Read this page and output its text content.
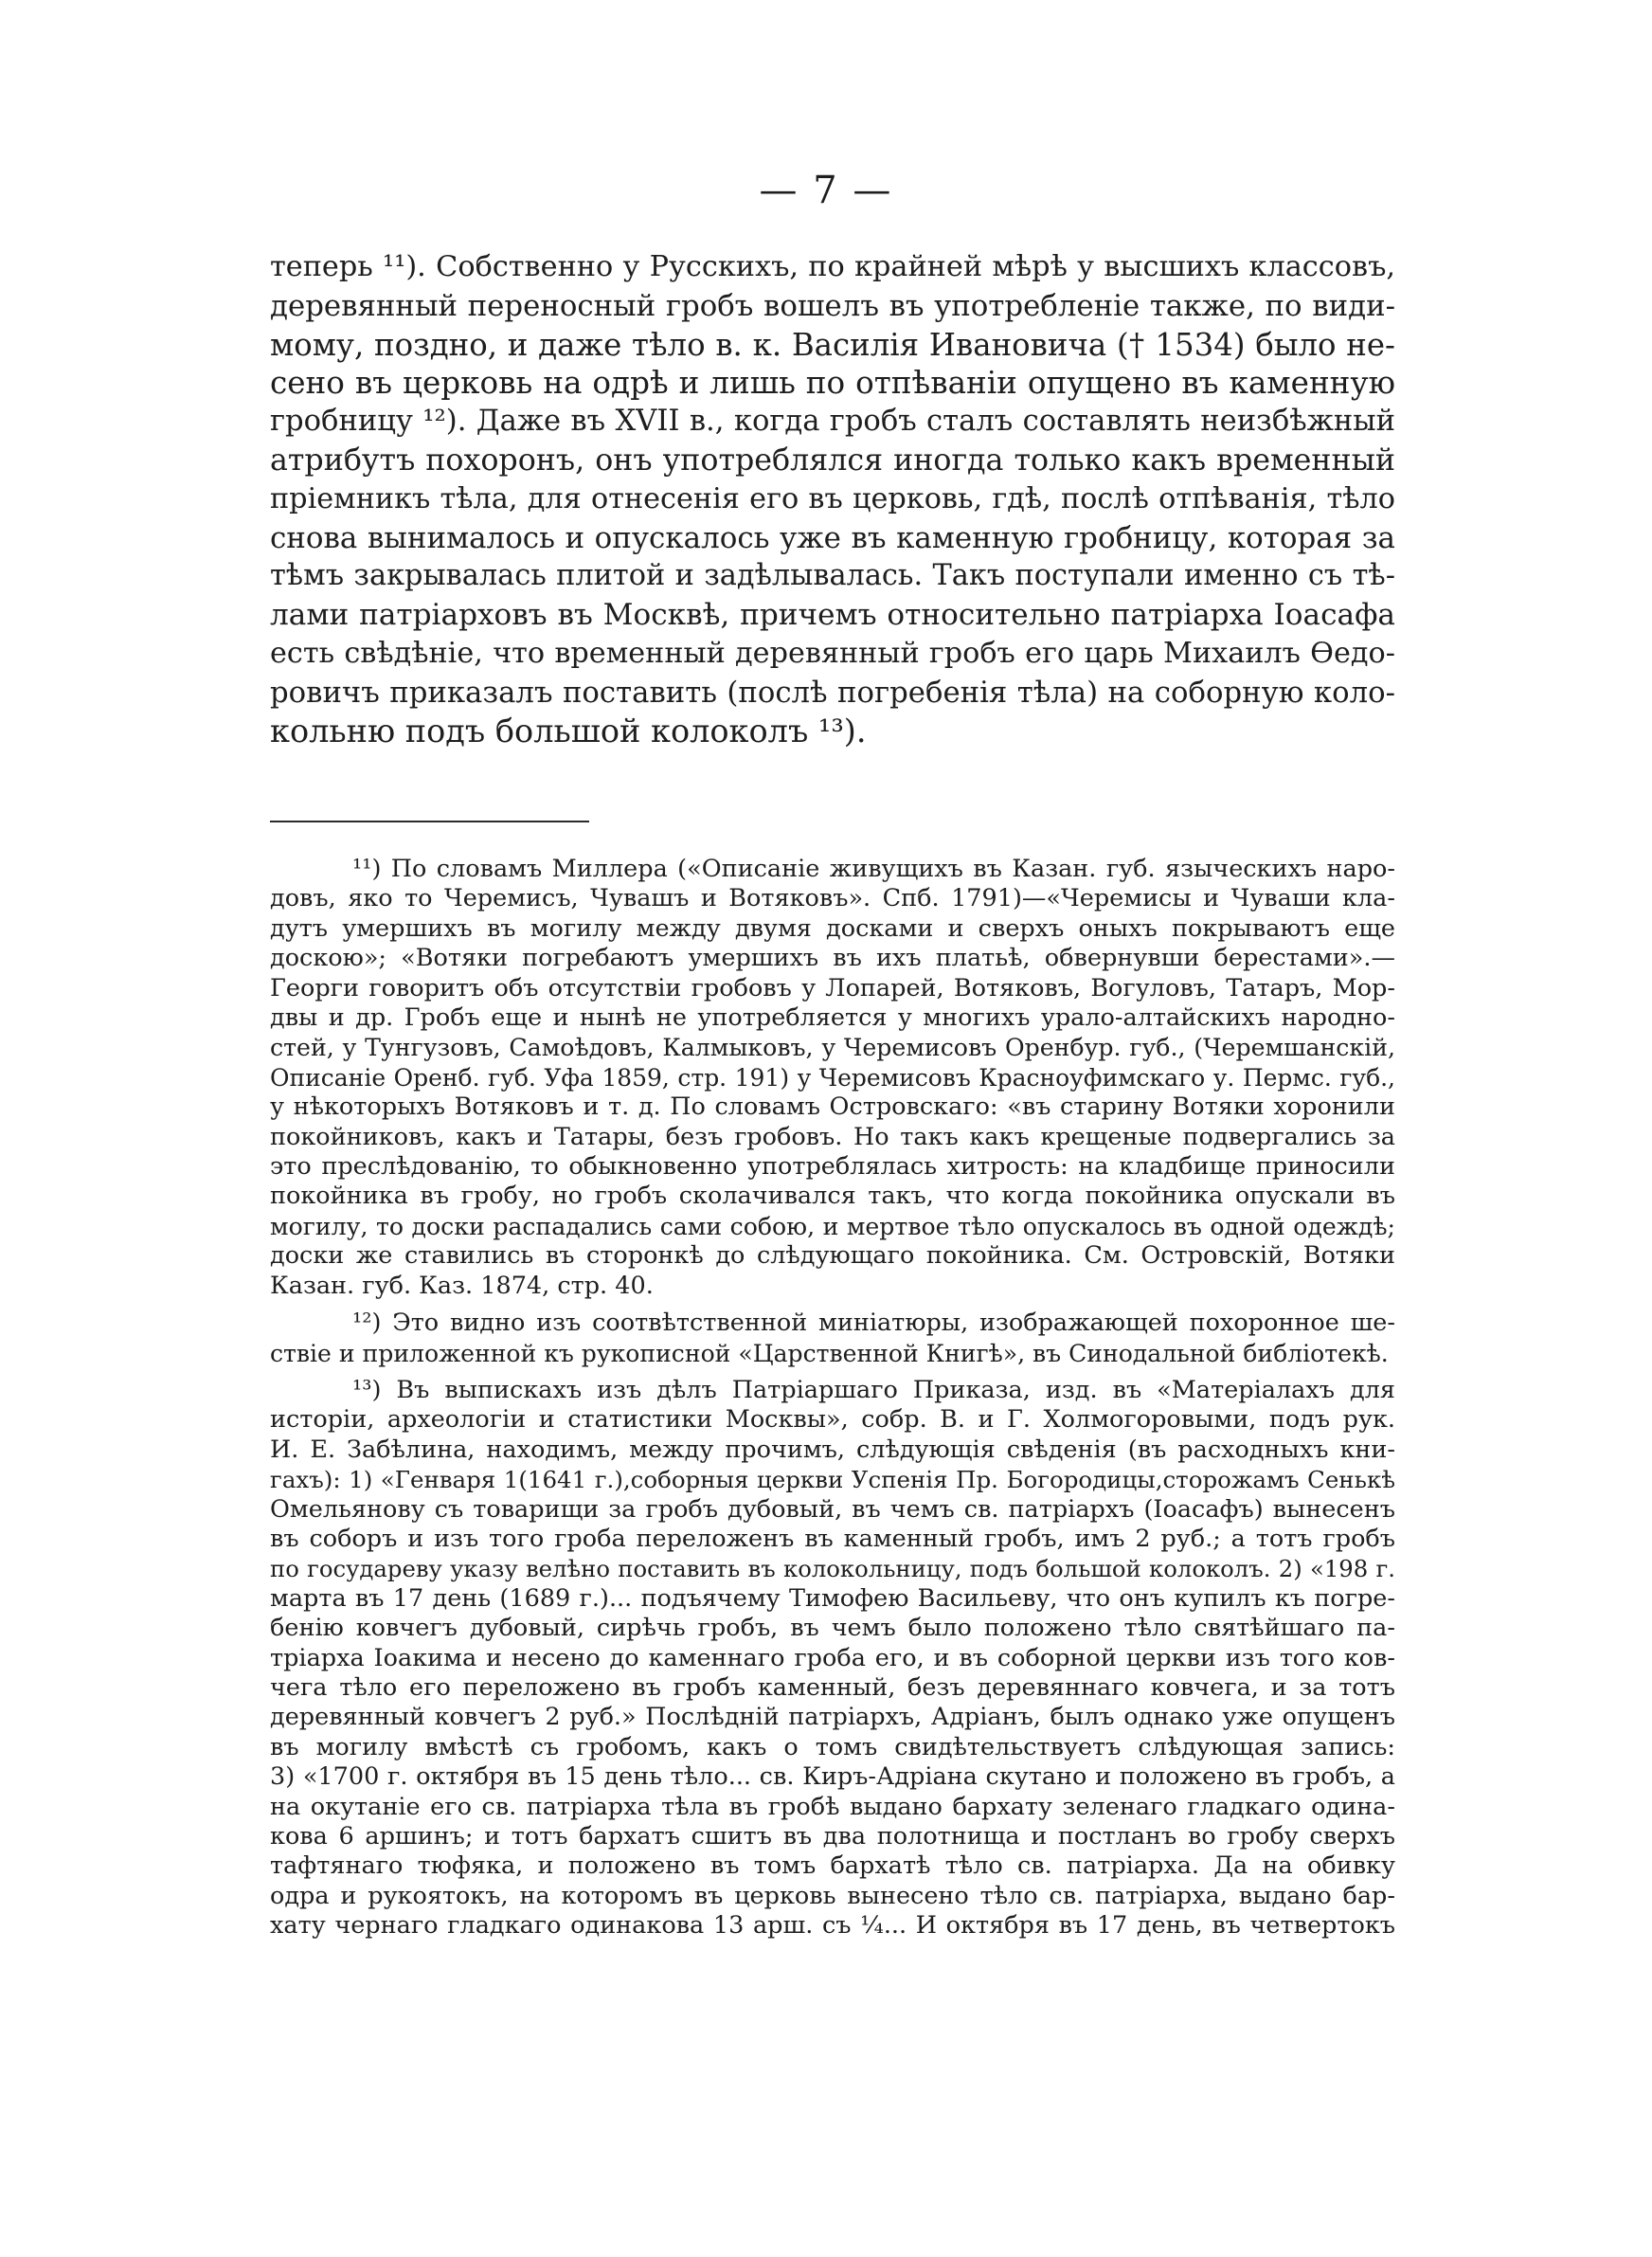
— 7 —
теперь ¹¹). Собственно у Русскихъ, по крайней мѣрѣ у высшихъ классовъ,
деревянный переносный гробъ вошелъ въ употребленіе также, по види-
мому, поздно, и даже тѣло в. к. Василія Ивановича († 1534) было не-
сено въ церковь на одрѣ и лишь по отпѣваніи опущено въ каменную
гробницу ¹²). Даже въ XVII в., когда гробъ сталъ составлять неизбѣжный
атрибутъ похоронъ, онъ употреблялся иногда только какъ временный
пріемникъ тѣла, для отнесенія его въ церковь, гдѣ, послѣ отпѣванія, тѣло
снова вынималось и опускалось уже въ каменную гробницу, которая за
тѣмъ закрывалась плитой и задѣлывалась. Такъ поступали именно съ тѣ-
лами патріарховъ въ Москвѣ, причемъ относительно патріарха Іоасафа
есть свѣдѣніе, что временный деревянный гробъ его царь Михаилъ Ѳедо-
ровичъ приказалъ поставить (послѣ погребенія тѣла) на соборную коло-
кольню подъ большой колоколъ ¹³).
¹¹) По словамъ Миллера («Описаніе живущихъ въ Казан. губ. языческихъ наро-
довъ, яко то Черемисъ, Чувашъ и Вотяковъ». Спб. 1791)—«Черемисы и Чуваши кла-
дутъ умершихъ въ могилу между двумя досками и сверхъ оныхъ покрываютъ еще
доскою»; «Вотяки погребаютъ умершихъ въ ихъ платьѣ, обвернувши берестами».—
Георги говоритъ объ отсутствіи гробовъ у Лопарей, Вотяковъ, Вогуловъ, Татаръ, Мор-
двы и др. Гробъ еще и нынѣ не употребляется у многихъ урало-алтайскихъ народно-
стей, у Тунгузовъ, Самоѣдовъ, Калмыковъ, у Черемисовъ Оренбур. губ., (Черемшанскій,
Описаніе Оренб. губ. Уфа 1859, стр. 191) у Черемисовъ Красноуфимскаго у. Пермс. губ.,
у нѣкоторыхъ Вотяковъ и т. д. По словамъ Островскаго: «въ старину Вотяки хоронили
покойниковъ, какъ и Татары, безъ гробовъ. Но такъ какъ крещеные подвергались за
это преслѣдованію, то обыкновенно употреблялась хитрость: на кладбище приносили
покойника въ гробу, но гробъ сколачивался такъ, что когда покойника опускали въ
могилу, то доски распадались сами собою, и мертвое тѣло опускалось въ одной одеждѣ;
доски же ставились въ сторонкѣ до слѣдующаго покойника. См. Островскій, Вотяки
Казан. губ. Каз. 1874, стр. 40.
¹²) Это видно изъ соотвѣтственной миніатюры, изображающей похоронное ше-
ствіе и приложенной къ рукописной «Царственной Книгѣ», въ Синодальной библіотекѣ.
¹³) Въ выпискахъ изъ дѣлъ Патріаршаго Приказа, изд. въ «Матеріалахъ для
исторіи, археологіи и статистики Москвы», собр. В. и Г. Холмогоровыми, подъ рук.
И. Е. Забѣлина, находимъ, между прочимъ, слѣдующія свѣденія (въ расходныхъ кни-
гахъ): 1) «Генваря 1(1641 г.),соборныя церкви Успенія Пр. Богородицы,сторожамъ Сенькѣ
Омельянову съ товарищи за гробъ дубовый, въ чемъ св. патріархъ (Іоасафъ) вынесенъ
въ соборъ и изъ того гроба переложенъ въ каменный гробъ, имъ 2 руб.; а тотъ гробъ
по государеву указу велѣно поставить въ колокольницу, подъ большой колоколъ. 2) «198 г.
марта въ 17 день (1689 г.)... подъячему Тимофею Васильеву, что онъ купилъ къ погре-
бенію ковчегъ дубовый, сирѣчь гробъ, въ чемъ было положено тѣло святѣйшаго па-
тріарха Іоакима и несено до каменнаго гроба его, и въ соборной церкви изъ того ков-
чега тѣло его переложено въ гробъ каменный, безъ деревяннаго ковчега, и за тотъ
деревянный ковчегъ 2 руб.» Послѣдній патріархъ, Адріанъ, былъ однако уже опущенъ
въ могилу вмѣстѣ съ гробомъ, какъ о томъ свидѣтельствуетъ слѣдующая запись:
3) «1700 г. октября въ 15 день тѣло... св. Киръ-Адріана скутано и положено въ гробъ, а
на окутаніе его св. патріарха тѣла въ гробѣ выдано бархату зеленаго гладкаго одина-
кова 6 аршинъ; и тотъ бархатъ сшитъ въ два полотнища и постланъ во гробу сверхъ
тафтянаго тюфяка, и положено въ томъ бархатѣ тѣло св. патріарха. Да на обивку
одра и рукоятокъ, на которомъ въ церковь вынесено тѣло св. патріарха, выдано бар-
хату чернаго гладкаго одинакова 13 арш. съ ¼... И октября въ 17 день, въ четвертокъ
